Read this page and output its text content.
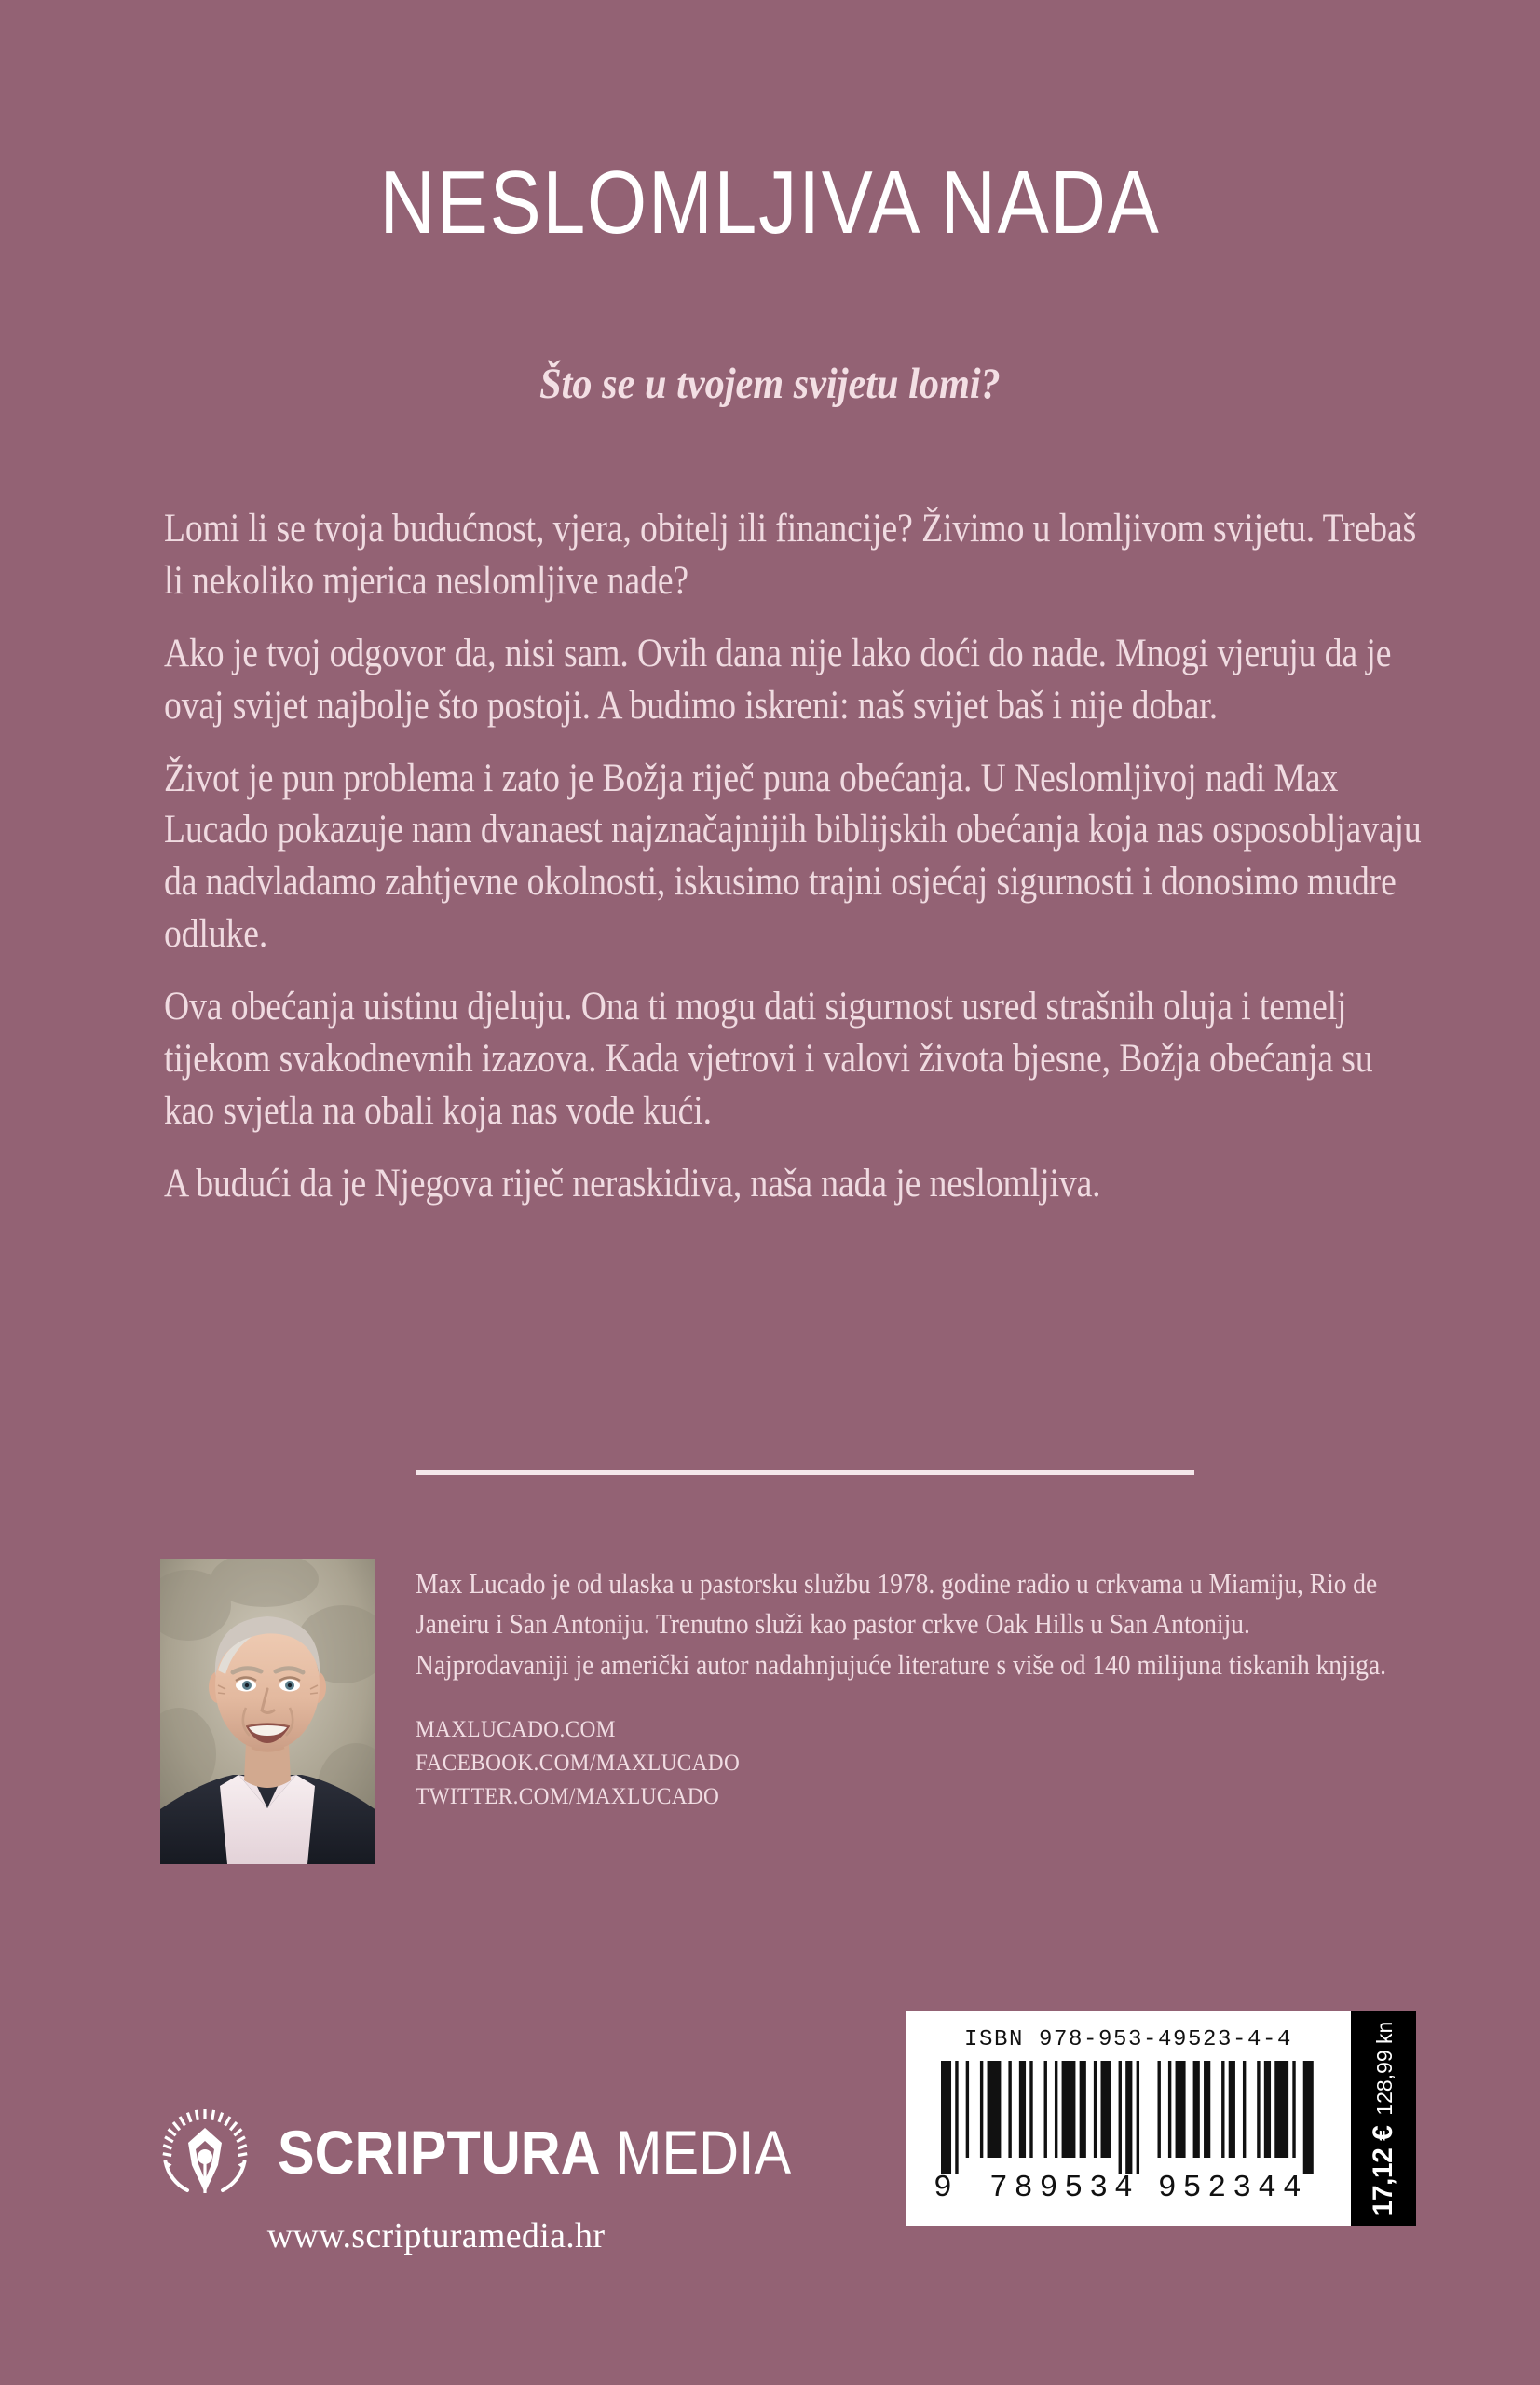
NESLOMLJIVA NADA
Što se u tvojem svijetu lomi?

Lomi li se tvoja budućnost, vjera, obitelj ili financije? Živimo u lomljivom svijetu. Trebaš li nekoliko mjerica neslomljive nade?

Ako je tvoj odgovor da, nisi sam. Ovih dana nije lako doći do nade. Mnogi vjeruju da je ovaj svijet najbolje što postoji. A budimo iskreni: naš svijet baš i nije dobar.

Život je pun problema i zato je Božja riječ puna obećanja. U Neslomljivoj nadi Max Lucado pokazuje nam dvanaest najznačajnijih biblijskih obećanja koja nas osposobljavaju da nadvladamo zahtjevne okolnosti, iskusimo trajni osjećaj sigurnosti i donosimo mudre odluke.

Ova obećanja uistinu djeluju. Ona ti mogu dati sigurnost usred strašnih oluja i temelj tijekom svakodnevnih izazova. Kada vjetrovi i valovi života bjesne, Božja obećanja su kao svjetla na obali koja nas vode kući.

A budući da je Njegova riječ neraskidiva, naša nada je neslomljiva.

Max Lucado je od ulaska u pastorsku službu 1978. godine radio u crkvama u Miamiju, Rio de Janeiru i San Antoniju. Trenutno služi kao pastor crkve Oak Hills u San Antoniju. Najprodavaniji je američki autor nadahnjujuće literature s više od 140 milijuna tiskanih knjiga.

MAXLUCADO.COM
FACEBOOK.COM/MAXLUCADO
TWITTER.COM/MAXLUCADO
SCRIPTURA MEDIA
www.scripturamedia.hr
ISBN 978-953-49523-4-4
9	789534 952344 17,12 €
128,99 kn
